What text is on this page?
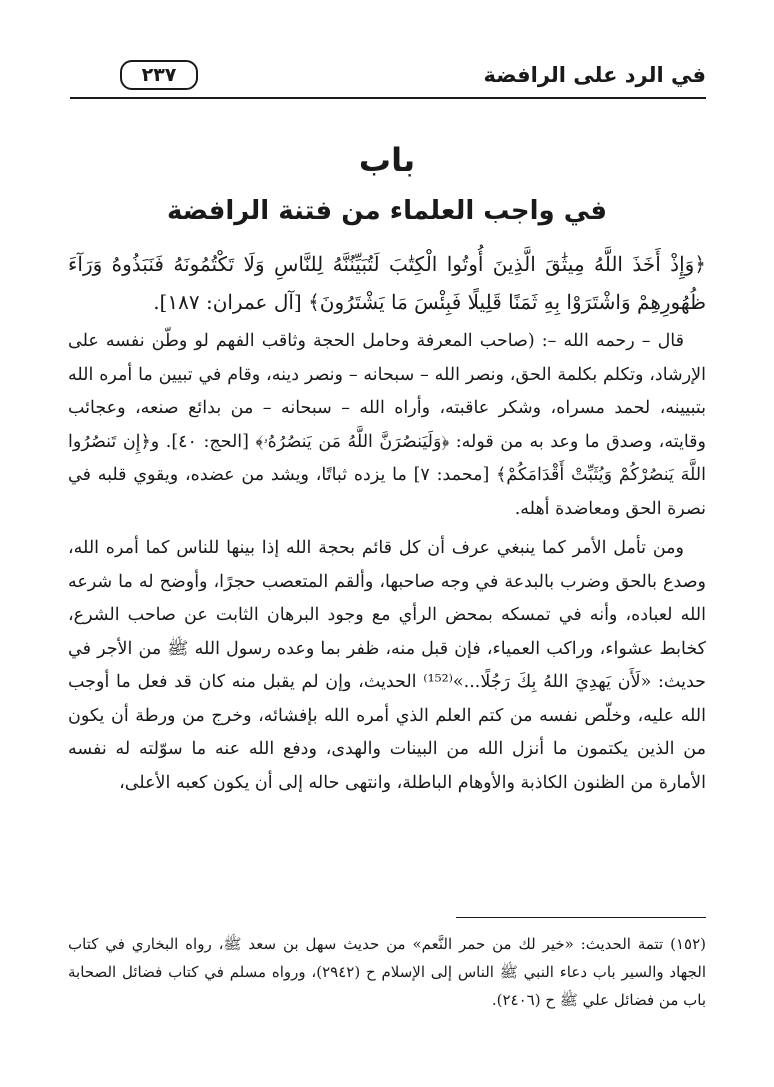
في الرد على الرافضة
٢٣٧
باب
في واجب العلماء من فتنة الرافضة

﴿وَإِذْ أَخَذَ اللَّهُ مِيثَٰقَ الَّذِينَ أُوتُوا الْكِتَٰبَ لَتُبَيِّنُنَّهُ لِلنَّاسِ وَلَا تَكْتُمُونَهُ فَنَبَذُوهُ وَرَآءَ ظُهُورِهِمْ وَاشْتَرَوْا بِهِ ثَمَنًا قَلِيلًا فَبِئْسَ مَا يَشْتَرُونَ﴾ [آل عمران: ١٨٧].

قال – رحمه الله –: (صاحب المعرفة وحامل الحجة وثاقب الفهم لو وطّن نفسه على الإرشاد، وتكلم بكلمة الحق، ونصر الله – سبحانه – ونصر دينه، وقام في تبيين ما أمره الله بتبيينه، لحمد مسراه، وشكر عاقبته، وأراه الله – سبحانه – من بدائع صنعه، وعجائب وقايته، وصدق ما وعد به من قوله: ﴿وَلَيَنصُرَنَّ اللَّهُ مَن يَنصُرُهُۥ﴾ [الحج: ٤٠]. و﴿إِن تَنصُرُوا اللَّهَ يَنصُرْكُمْ وَيُثَبِّتْ أَقْدَامَكُمْ﴾ [محمد: ٧] ما يزده ثباتًا، ويشد من عضده، ويقوي قلبه في نصرة الحق ومعاضدة أهله.

ومن تأمل الأمر كما ينبغي عرف أن كل قائم بحجة الله إذا بينها للناس كما أمره الله، وصدع بالحق وضرب بالبدعة في وجه صاحبها، وألقم المتعصب حجرًا، وأوضح له ما شرعه الله لعباده، وأنه في تمسكه بمحض الرأي مع وجود البرهان الثابت عن صاحب الشرع، كخابط عشواء، وراكب العمياء، فإن قبل منه، ظفر بما وعده رسول الله ﷺ من الأجر في حديث: «لَأَن يَهدِيَ اللهُ بِكَ رَجُلًا...»⁽¹⁵²⁾ الحديث، وإن لم يقبل منه كان قد فعل ما أوجب الله عليه، وخلّص نفسه من كتم العلم الذي أمره الله بإفشائه، وخرج من ورطة أن يكون من الذين يكتمون ما أنزل الله من البينات والهدى، ودفع الله عنه ما سوّلته له نفسه الأمارة من الظنون الكاذبة والأوهام الباطلة، وانتهى حاله إلى أن يكون كعبه الأعلى،

(١٥٢) تتمة الحديث: «خير لك من حمر النَّعم» من حديث سهل بن سعد ﷺ، رواه البخاري في كتاب الجهاد والسير باب دعاء النبي ﷺ الناس إلى الإسلام ح (٢٩٤٢)، ورواه مسلم في كتاب فضائل الصحابة باب من فضائل علي ﷺ ح (٢٤٠٦).
